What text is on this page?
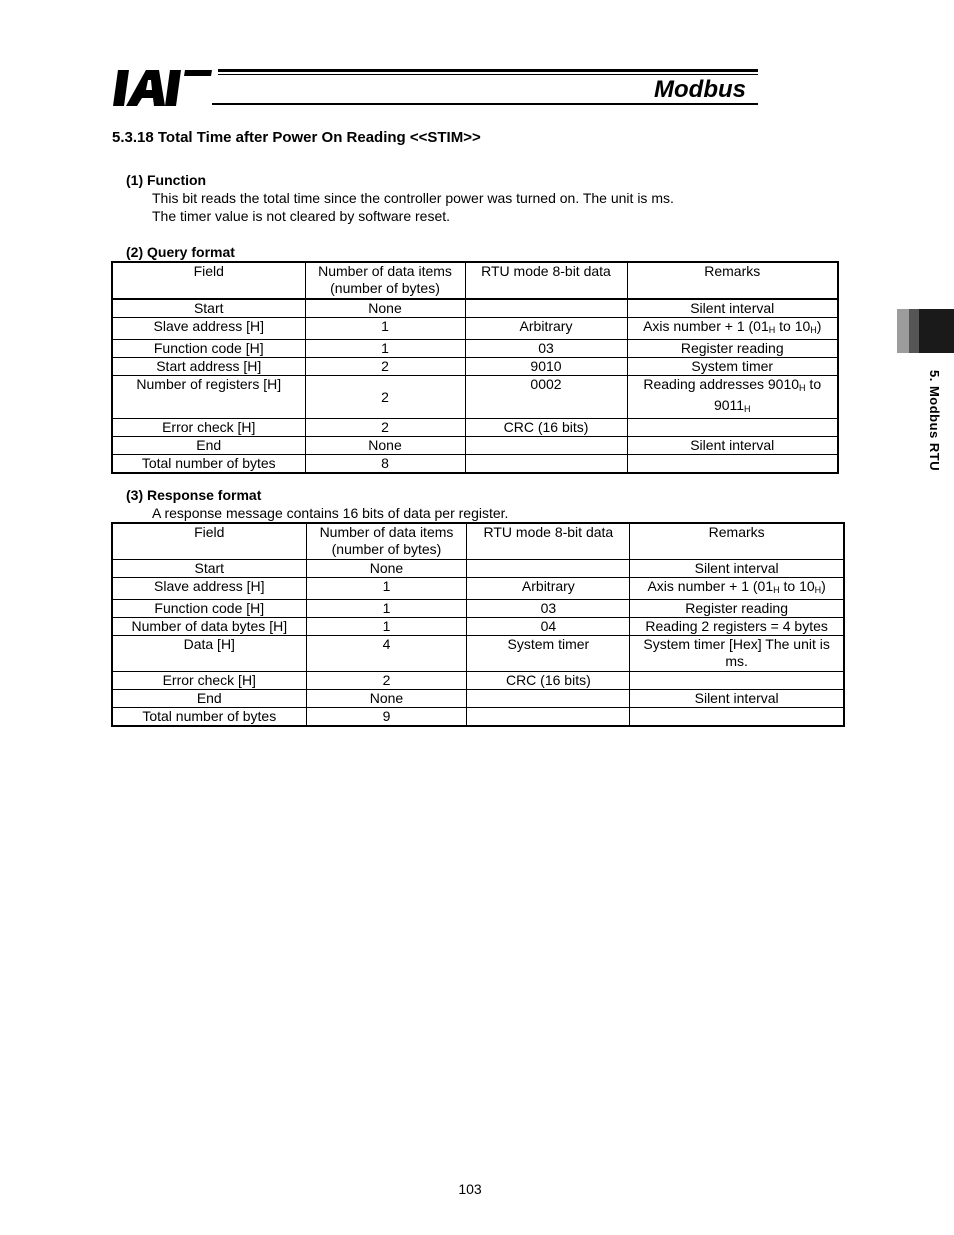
Modbus
5.3.18 Total Time after Power On Reading <<STIM>>
(1) Function
This bit reads the total time since the controller power was turned on. The unit is ms.
The timer value is not cleared by software reset.
(2) Query format
Field	Number of data items (number of bytes)	RTU mode 8-bit data	Remarks
Start	None		Silent interval
Slave address [H]	1	Arbitrary	Axis number + 1 ($01_H$ to $10_H$)
Function code [H]	1	03	Register reading
Start address [H]	2	9010	System timer
Number of registers [H]	2	0002	Reading addresses $9010_H$ to $9011_H$
Error check [H]	2	CRC (16 bits)	
End	None		Silent interval
Total number of bytes	8		
(3) Response format
A response message contains 16 bits of data per register.
Field	Number of data items (number of bytes)	RTU mode 8-bit data	Remarks
Start	None		Silent interval
Slave address [H]	1	Arbitrary	Axis number + 1 ($01_H$ to $10_H$)
Function code [H]	1	03	Register reading
Number of data bytes [H]	1	04	Reading 2 registers = 4 bytes
Data [H]	4	System timer	System timer [Hex] The unit is ms.
Error check [H]	2	CRC (16 bits)	
End	None		Silent interval
Total number of bytes	9		
5. Modbus RTU
103
